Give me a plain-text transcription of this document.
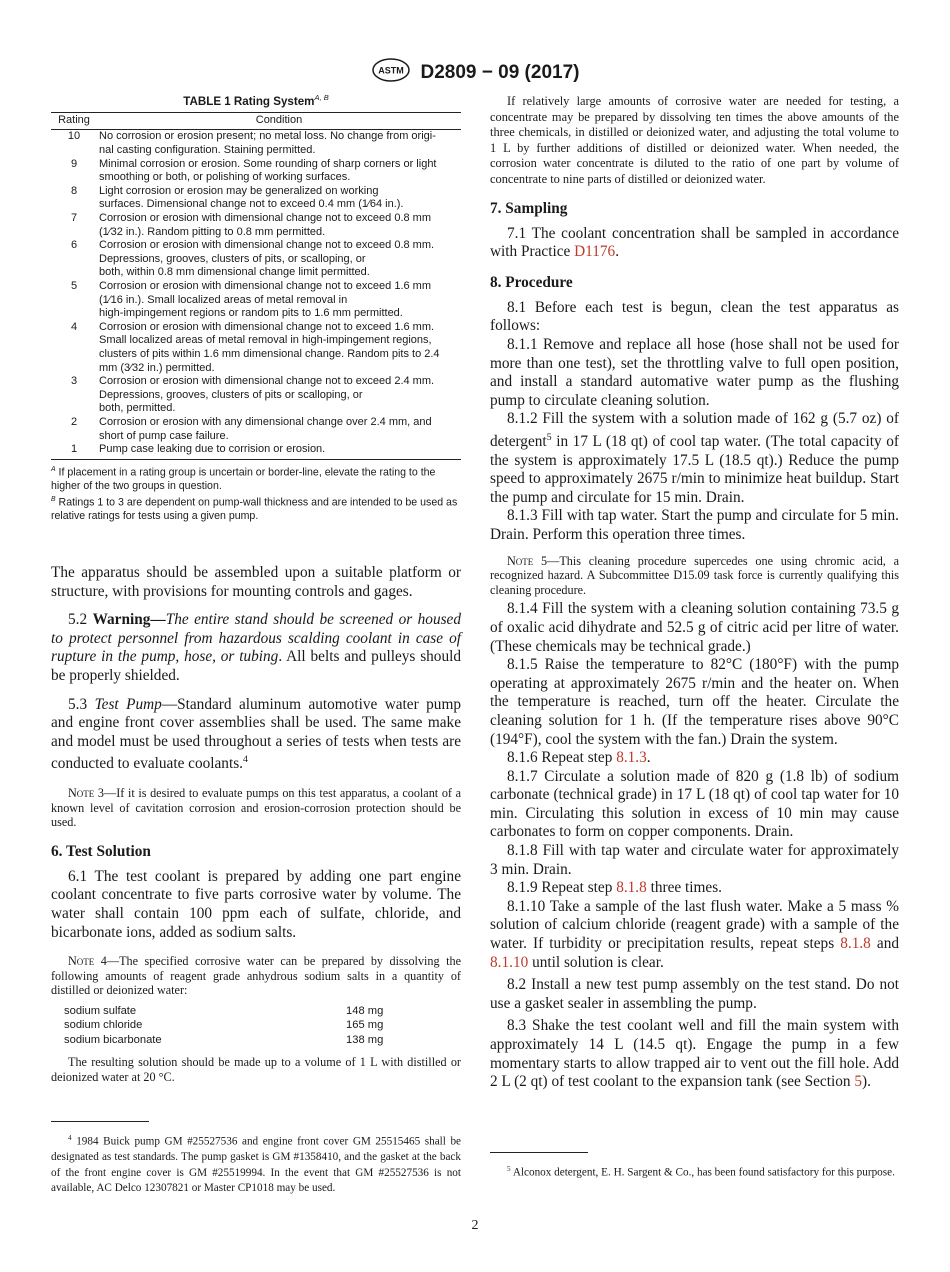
ASTM D2809 − 09 (2017)
TABLE 1 Rating System$^{A, B}$
Rating	Condition
10	No corrosion or erosion present; no metal loss. No change from origi-
nal casting configuration. Staining permitted.

9	Minimal corrosion or erosion. Some rounding of sharp corners or light
smoothing or both, or polishing of working surfaces.

8	Light corrosion or erosion may be generalized on working
surfaces. Dimensional change not to exceed 0.4 mm (1⁄64 in.).

7	Corrosion or erosion with dimensional change not to exceed 0.8 mm
(1⁄32 in.). Random pitting to 0.8 mm permitted.

6	Corrosion or erosion with dimensional change not to exceed 0.8 mm.
Depressions, grooves, clusters of pits, or scalloping, or
both, within 0.8 mm dimensional change limit permitted.

5	Corrosion or erosion with dimensional change not to exceed 1.6 mm
(1⁄16 in.). Small localized areas of metal removal in
high-impingement regions or random pits to 1.6 mm permitted.

4	Corrosion or erosion with dimensional change not to exceed 1.6 mm.
Small localized areas of metal removal in high-impingement regions,
clusters of pits within 1.6 mm dimensional change. Random pits to 2.4
mm (3⁄32 in.) permitted.

3	Corrosion or erosion with dimensional change not to exceed 2.4 mm.
Depressions, grooves, clusters of pits or scalloping, or
both, permitted.

2	Corrosion or erosion with any dimensional change over 2.4 mm, and
short of pump case failure.

1	Pump case leaking due to corrision or erosion.
$^A$ If placement in a rating group is uncertain or border-line, elevate the rating to the higher of the two groups in question.
$^B$ Ratings 1 to 3 are dependent on pump-wall thickness and are intended to be used as relative ratings for tests using a given pump.

The apparatus should be assembled upon a suitable platform or structure, with provisions for mounting controls and gages.

5.2 Warning—The entire stand should be screened or housed to protect personnel from hazardous scalding coolant in case of rupture in the pump, hose, or tubing. All belts and pulleys should be properly shielded.

5.3 Test Pump—Standard aluminum automotive water pump and engine front cover assemblies shall be used. The same make and model must be used throughout a series of tests when tests are conducted to evaluate coolants.$^4$

Note 3—If it is desired to evaluate pumps on this test apparatus, a coolant of a known level of cavitation corrosion and erosion-corrosion protection should be used.

6. Test Solution

6.1 The test coolant is prepared by adding one part engine coolant concentrate to five parts corrosive water by volume. The water shall contain 100 ppm each of sulfate, chloride, and bicarbonate ions, added as sodium salts.

Note 4—The specified corrosive water can be prepared by dissolving the following amounts of reagent grade anhydrous sodium salts in a quantity of distilled or deionized water:

sodium sulfate	148 mg
sodium chloride	165 mg
sodium bicarbonate	138 mg

The resulting solution should be made up to a volume of 1 L with distilled or deionized water at 20 °C.

$^4$ 1984 Buick pump GM #25527536 and engine front cover GM 25515465 shall be designated as test standards. The pump gasket is GM #1358410, and the gasket at the back of the front engine cover is GM #25519994. In the event that GM #25527536 is not available, AC Delco 12307821 or Master CP1018 may be used.

If relatively large amounts of corrosive water are needed for testing, a concentrate may be prepared by dissolving ten times the above amounts of the three chemicals, in distilled or deionized water, and adjusting the total volume to 1 L by further additions of distilled or deionized water. When needed, the corrosion water concentrate is diluted to the ratio of one part by volume of concentrate to nine parts of distilled or deionized water.

7. Sampling

7.1 The coolant concentration shall be sampled in accordance with Practice D1176.

8. Procedure

8.1 Before each test is begun, clean the test apparatus as follows:

8.1.1 Remove and replace all hose (hose shall not be used for more than one test), set the throttling valve to full open position, and install a standard automative water pump as the flushing pump to circulate cleaning solution.

8.1.2 Fill the system with a solution made of 162 g (5.7 oz) of detergent$^5$ in 17 L (18 qt) of cool tap water. (The total capacity of the system is approximately 17.5 L (18.5 qt).) Reduce the pump speed to approximately 2675 r/min to minimize heat buildup. Start the pump and circulate for 15 min. Drain.

8.1.3 Fill with tap water. Start the pump and circulate for 5 min. Drain. Perform this operation three times.

Note 5—This cleaning procedure supercedes one using chromic acid, a recognized hazard. A Subcommittee D15.09 task force is currently qualifying this cleaning procedure.

8.1.4 Fill the system with a cleaning solution containing 73.5 g of oxalic acid dihydrate and 52.5 g of citric acid per litre of water. (These chemicals may be technical grade.)

8.1.5 Raise the temperature to 82°C (180°F) with the pump operating at approximately 2675 r/min and the heater on. When the temperature is reached, turn off the heater. Circulate the cleaning solution for 1 h. (If the temperature rises above 90°C (194°F), cool the system with the fan.) Drain the system.

8.1.6 Repeat step 8.1.3.

8.1.7 Circulate a solution made of 820 g (1.8 lb) of sodium carbonate (technical grade) in 17 L (18 qt) of cool tap water for 10 min. Circulating this solution in excess of 10 min may cause carbonates to form on copper components. Drain.

8.1.8 Fill with tap water and circulate water for approximately 3 min. Drain.

8.1.9 Repeat step 8.1.8 three times.

8.1.10 Take a sample of the last flush water. Make a 5 mass % solution of calcium chloride (reagent grade) with a sample of the water. If turbidity or precipitation results, repeat steps 8.1.8 and 8.1.10 until solution is clear.

8.2 Install a new test pump assembly on the test stand. Do not use a gasket sealer in assembling the pump.

8.3 Shake the test coolant well and fill the main system with approximately 14 L (14.5 qt). Engage the pump in a few momentary starts to allow trapped air to vent out the fill hole. Add 2 L (2 qt) of test coolant to the expansion tank (see Section 5).

$^5$ Alconox detergent, E. H. Sargent & Co., has been found satisfactory for this purpose.

2
